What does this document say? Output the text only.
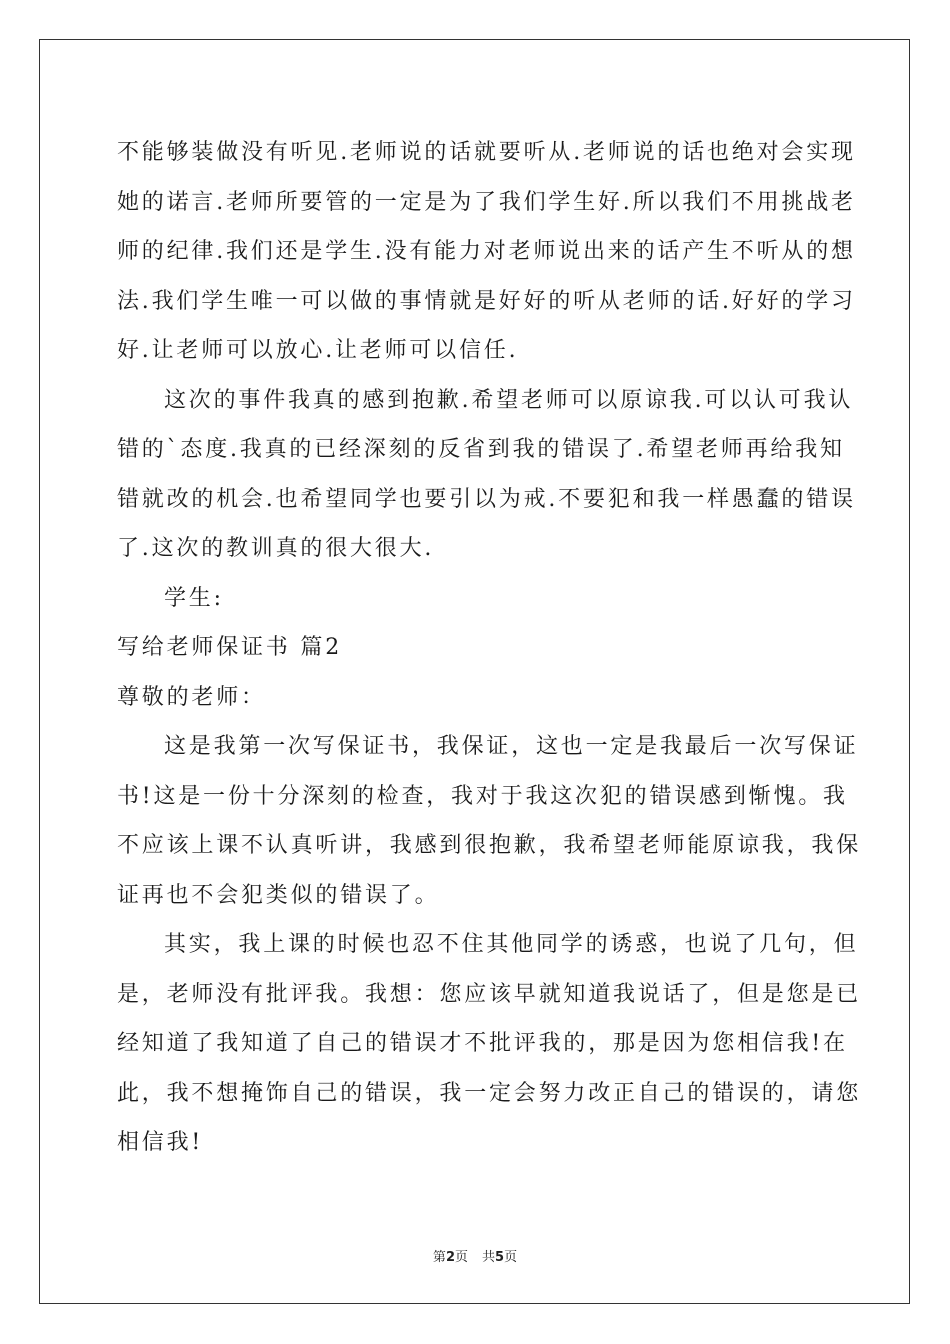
不能够装做没有听见.老师说的话就要听从.老师说的话也绝对会实现
她的诺言.老师所要管的一定是为了我们学生好.所以我们不用挑战老
师的纪律.我们还是学生.没有能力对老师说出来的话产生不听从的想
法.我们学生唯一可以做的事情就是好好的听从老师的话.好好的学习
好.让老师可以放心.让老师可以信任.
这次的事件我真的感到抱歉.希望老师可以原谅我.可以认可我认
错的`态度.我真的已经深刻的反省到我的错误了.希望老师再给我知
错就改的机会.也希望同学也要引以为戒.不要犯和我一样愚蠢的错误
了.这次的教训真的很大很大.
学生:
写给老师保证书 篇2
尊敬的老师：
这是我第一次写保证书，我保证，这也一定是我最后一次写保证
书!这是一份十分深刻的检查，我对于我这次犯的错误感到惭愧。我
不应该上课不认真听讲，我感到很抱歉，我希望老师能原谅我，我保
证再也不会犯类似的错误了。
其实，我上课的时候也忍不住其他同学的诱惑，也说了几句，但
是，老师没有批评我。我想：您应该早就知道我说话了，但是您是已
经知道了我知道了自己的错误才不批评我的，那是因为您相信我!在
此，我不想掩饰自己的错误，我一定会努力改正自己的错误的，请您
相信我!
第2页 共5页
